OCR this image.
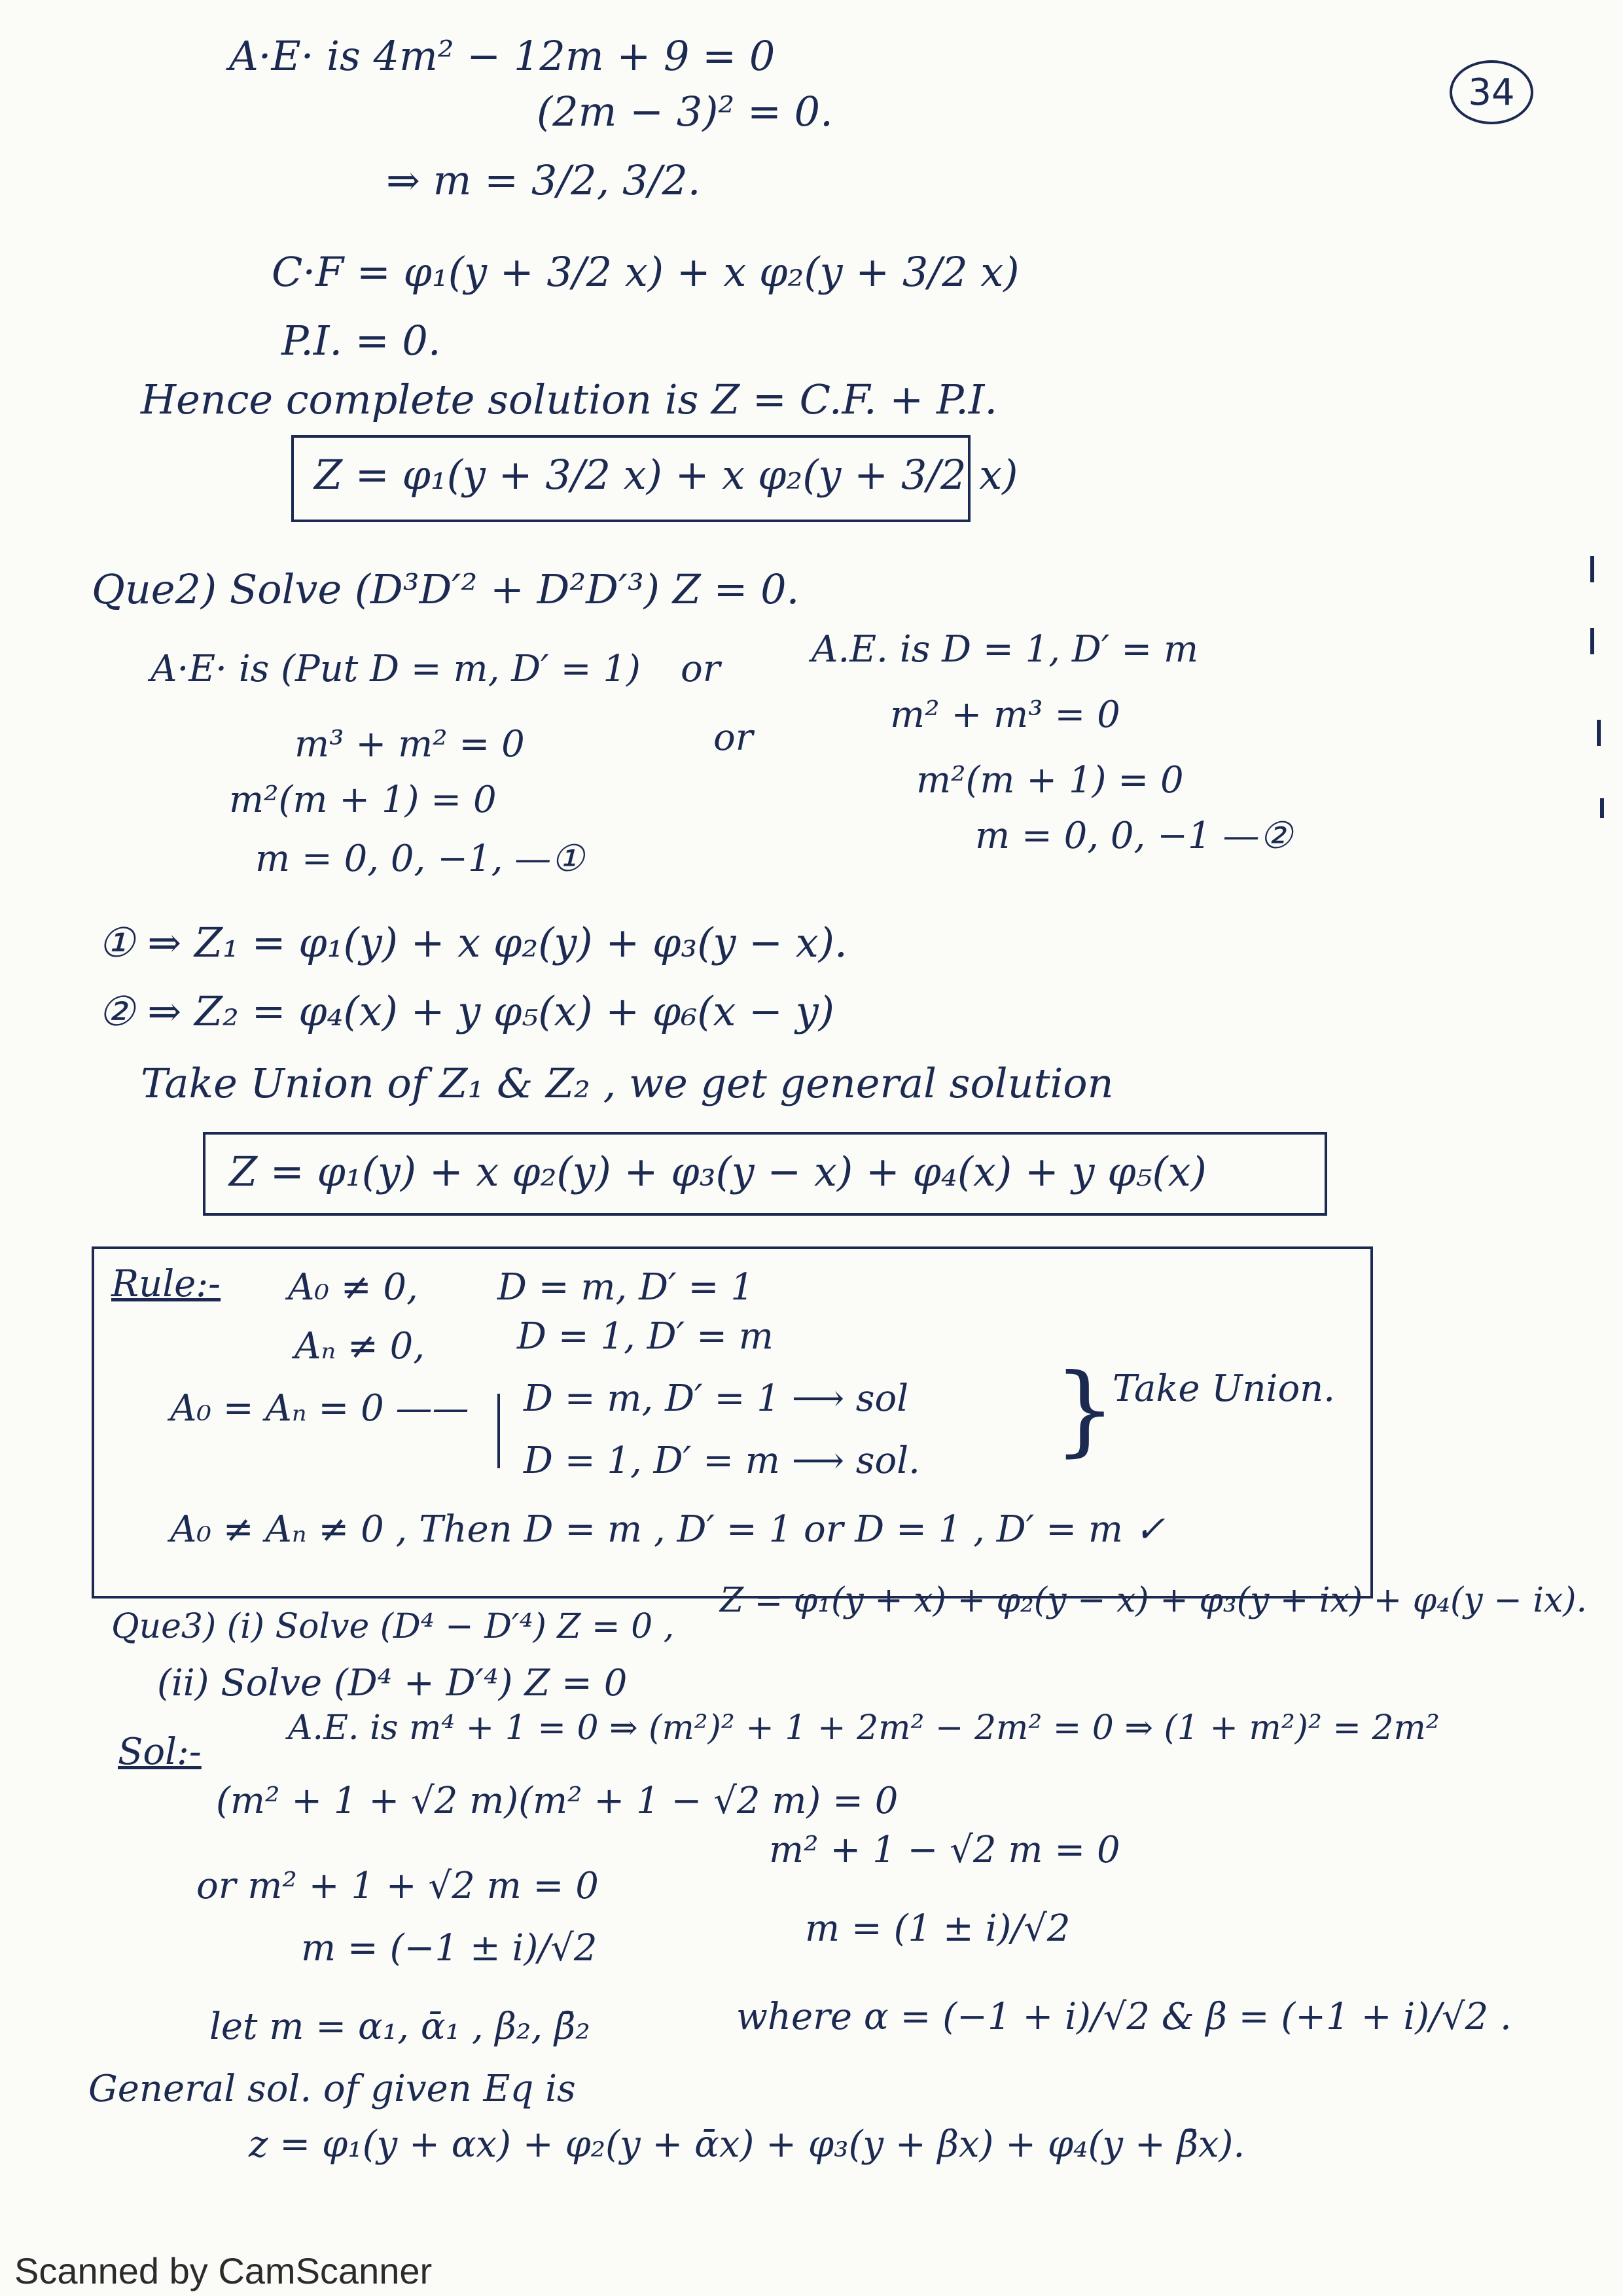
34
A·E· is 4m² − 12m + 9 = 0
(2m − 3)² = 0.
⇒ m = 3/2, 3/2.
C·F = φ₁(y + 3/2 x) + x φ₂(y + 3/2 x)
P.I. = 0.
Hence complete solution is Z = C.F. + P.I.
Z = φ₁(y + 3/2 x) + x φ₂(y + 3/2 x)
Que2) Solve (D³D′² + D²D′³) Z = 0.
A·E· is (Put D = m, D′ = 1) or A.E. is D = 1, D′ = m
m³ + m² = 0	or
m² + m³ = 0
m²(m + 1) = 0	m²(m + 1) = 0
m = 0, 0, −1, —①
m = 0, 0, −1 —②
① ⇒ Z₁ = φ₁(y) + x φ₂(y) + φ₃(y − x).
② ⇒ Z₂ = φ₄(x) + y φ₅(x) + φ₆(x − y)
Take Union of Z₁ & Z₂ , we get general solution
Z = φ₁(y) + x φ₂(y) + φ₃(y − x) + φ₄(x) + y φ₅(x)
Rule:- A₀ ≠ 0, D = m, D′ = 1
Aₙ ≠ 0,	D = 1, D′ = m
A₀ = Aₙ = 0 —— D = m, D′ = 1 ⟶ sol
D = 1, D′ = m ⟶ sol. }
Take Union.
A₀ ≠ Aₙ ≠ 0 , Then D = m , D′ = 1 or D = 1 , D′ = m ✓
Que3) (i) Solve (D⁴ − D′⁴) Z = 0 ,
Z = φ₁(y + x) + φ₂(y − x) + φ₃(y + ix) + φ₄(y − ix).
(ii) Solve (D⁴ + D′⁴) Z = 0
Sol:-
A.E. is m⁴ + 1 = 0 ⇒ (m²)² + 1 + 2m² − 2m² = 0 ⇒ (1 + m²)² = 2m²
(m² + 1 + √2 m)(m² + 1 − √2 m) = 0
or m² + 1 + √2 m = 0
m² + 1 − √2 m = 0
m = (−1 ± i)/√2	m = (1 ± i)/√2
let m = α₁, ᾱ₁ , β₂, β̄₂	where α = (−1 + i)/√2 & β = (+1 + i)/√2 .
General sol. of given Eq is
z = φ₁(y + αx) + φ₂(y + ᾱx) + φ₃(y + βx) + φ₄(y + β̄x).
Scanned by CamScanner
